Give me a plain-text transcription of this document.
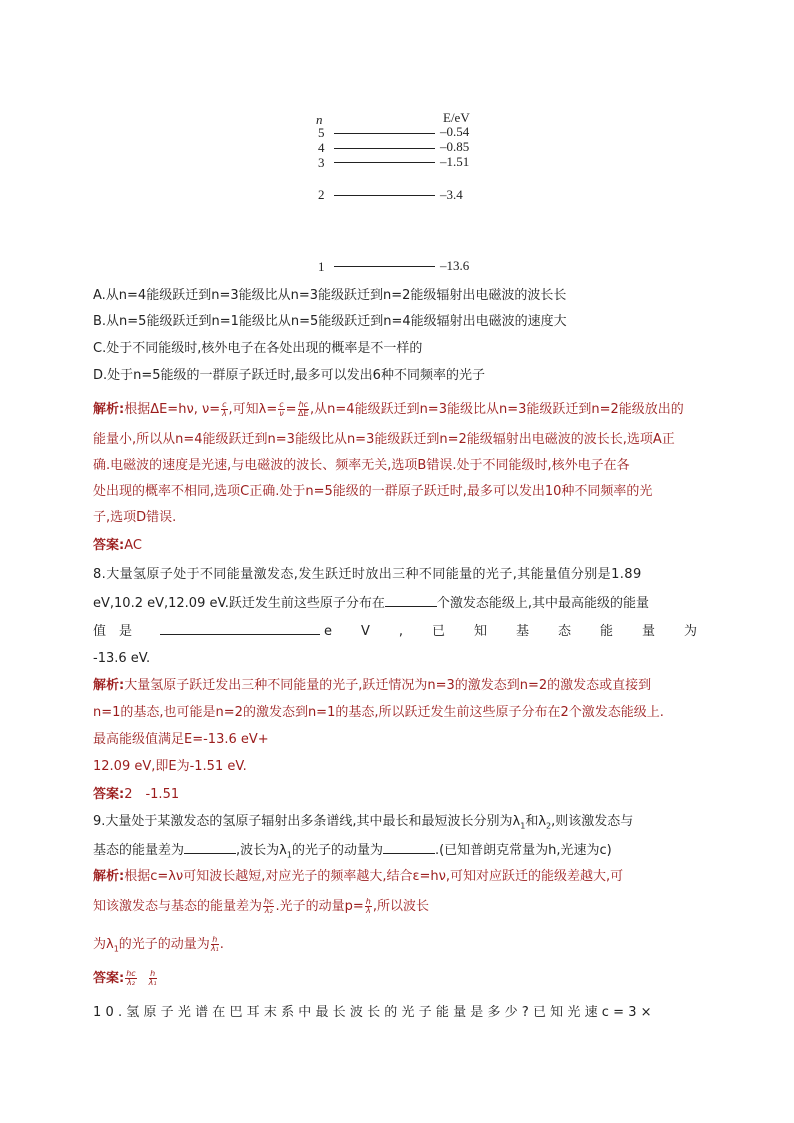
n	E/eV
5	–0.54
4	–0.85
3	–1.51
2	–3.4
1	–13.6
A.从n=4能级跃迁到n=3能级比从n=3能级跃迁到n=2能级辐射出电磁波的波长长
B.从n=5能级跃迁到n=1能级比从n=5能级跃迁到n=4能级辐射出电磁波的速度大
C.处于不同能级时,核外电子在各处出现的概率是不一样的
D.处于n=5能级的一群原子跃迁时,最多可以发出6种不同频率的光子
解析:根据ΔE=hν, $\nu= \frac{c}{\lambda}$ ,可知$\lambda= \frac{c}{\nu} = \frac{hc}{\Delta E}$ ,从n=4能级跃迁到n=3能级比从n=3能级跃迁到n=2能级放出的
能量小,所以从n=4能级跃迁到n=3能级比从n=3能级跃迁到n=2能级辐射出电磁波的波长长,选项A正
确.电磁波的速度是光速,与电磁波的波长、频率无关,选项B错误.处于不同能级时,核外电子在各
处出现的概率不相同,选项C正确.处于n=5能级的一群原子跃迁时,最多可以发出10种不同频率的光
子,选项D错误.
答案:AC
8.大量氢原子处于不同能量激发态,发生跃迁时放出三种不同能量的光子,其能量值分别是1.89
eV,10.2 eV,12.09 eV.跃迁发生前这些原子分布在	个激发态能级上,其中最高能级的能量
值　是	e　V　,　已　知　基　态　能　量　为
-13.6 eV.
解析:大量氢原子跃迁发出三种不同能量的光子,跃迁情况为n=3的激发态到n=2的激发态或直接到
n=1的基态,也可能是n=2的激发态到n=1的基态,所以跃迁发生前这些原子分布在2个激发态能级上.
最高能级值满足E=-13.6 eV+
12.09 eV,即E为-1.51 eV.
答案:2　-1.51
9.大量处于某激发态的氢原子辐射出多条谱线,其中最长和最短波长分别为$\lambda_1$和$\lambda_2$,则该激发态与
基态的能量差为	,波长为$\lambda_1$的光子的动量为	.(已知普朗克常量为h,光速为c)
解析:根据c=λν可知波长越短,对应光子的频率越大,结合ε=hν,可知对应跃迁的能级差越大,可
知该激发态与基态的能量差为 $\frac{hc}{\text{λ₂}}$ .光子的动量$p= \frac{h}{\lambda}$ ,所以波长
为$\lambda_1$的光子的动量为 $\frac{h}{\text{λ₁}}$ .
答案: $\frac{hc}{\text{λ₂}} \frac{h}{\text{λ₁}}$
10.氢原子光谱在巴耳末系中最长波长的光子能量是多少?已知光速c=3×
